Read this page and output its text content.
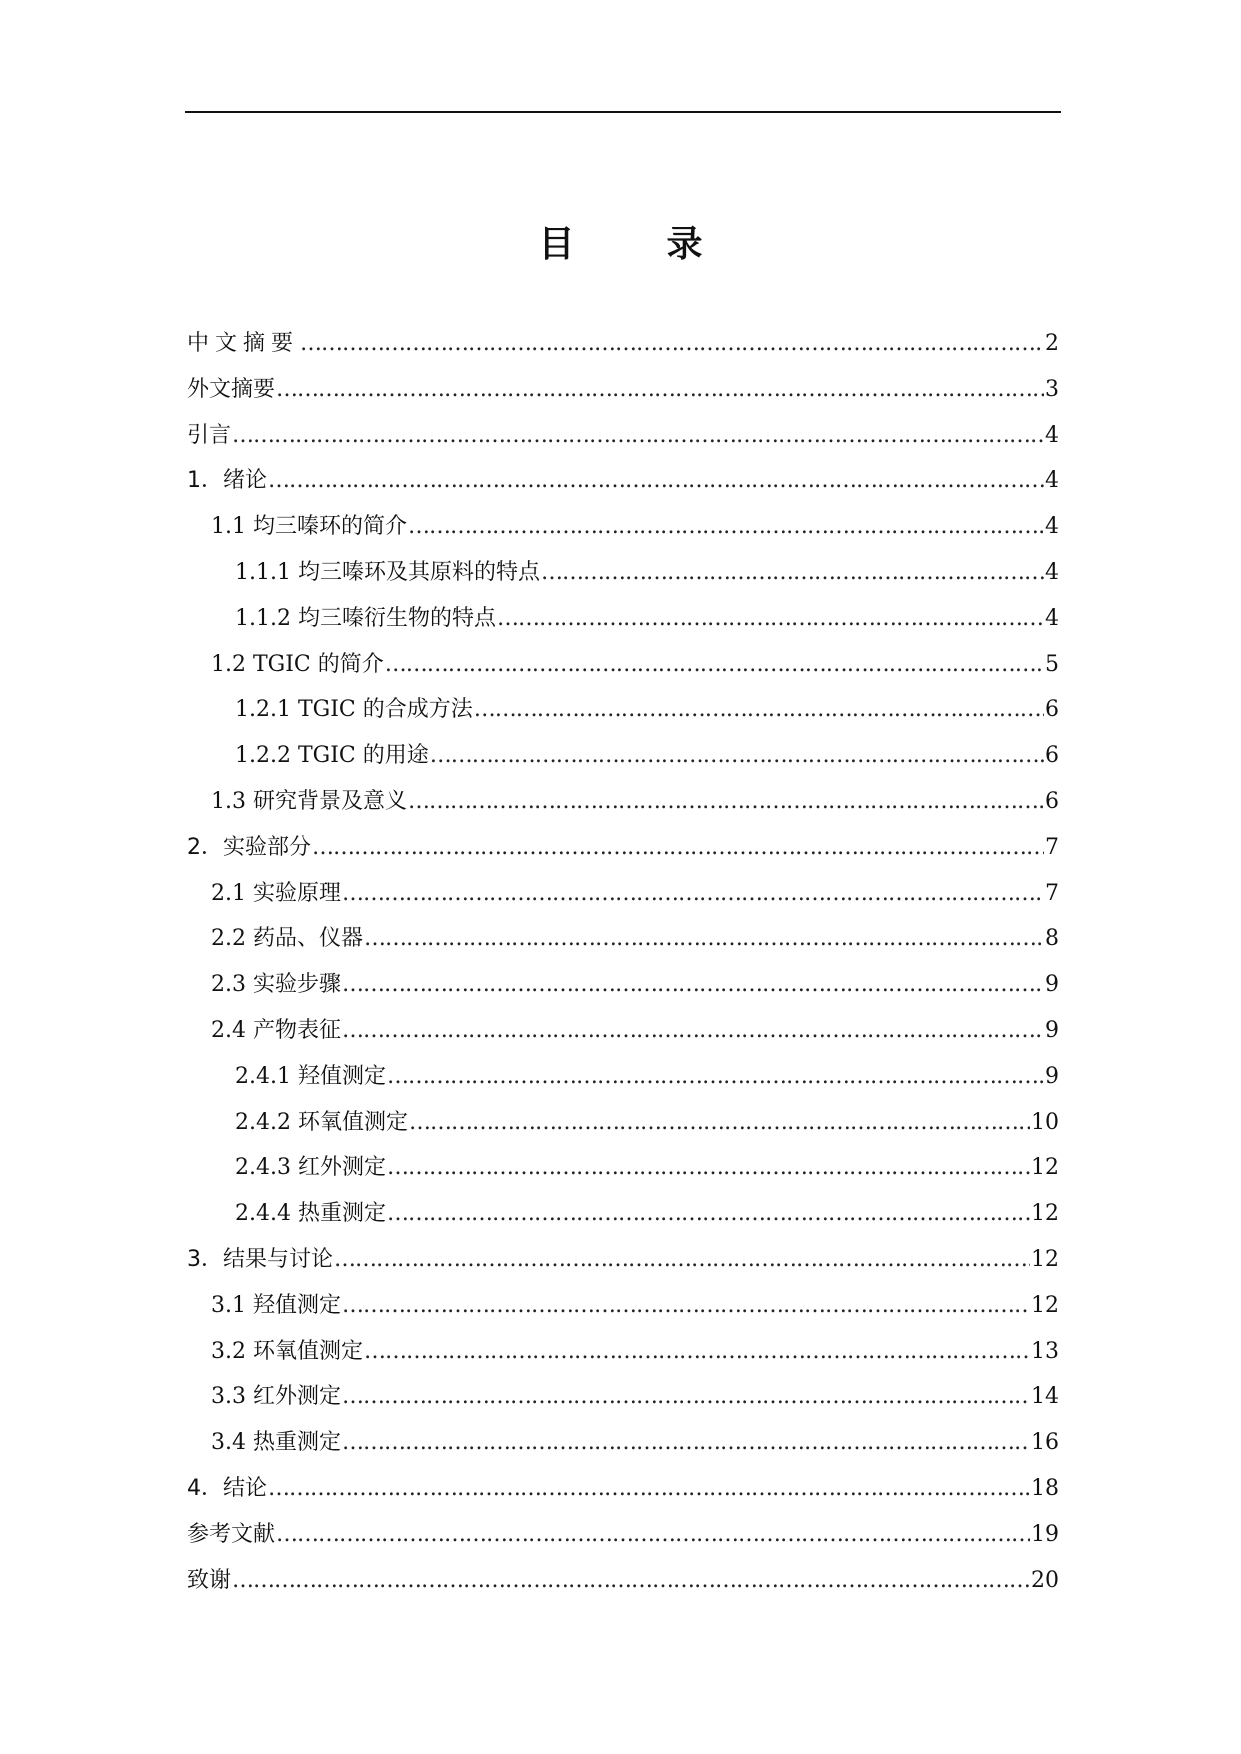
目　录
中文摘要 ………………………………………………………………………………………………………………………………………………………………	2
外文摘要 ………………………………………………………………………………………………………………………………………………………………	3
引言 ………………………………………………………………………………………………………………………………………………………………	4
1．绪论 ………………………………………………………………………………………………………………………………………………………………	4
1.1 均三嗪环的简介 ………………………………………………………………………………………………………………………………………………………………	4
1.1.1 均三嗪环及其原料的特点 ………………………………………………………………………………………………………………………………………………………………	4
1.1.2 均三嗪衍生物的特点 ………………………………………………………………………………………………………………………………………………………………	4
1.2 TGIC 的简介 ………………………………………………………………………………………………………………………………………………………………	5
1.2.1 TGIC 的合成方法 ………………………………………………………………………………………………………………………………………………………………	6
1.2.2 TGIC 的用途 ………………………………………………………………………………………………………………………………………………………………	6
1.3 研究背景及意义 ………………………………………………………………………………………………………………………………………………………………	6
2．实验部分 ………………………………………………………………………………………………………………………………………………………………	7
2.1 实验原理 ………………………………………………………………………………………………………………………………………………………………	7
2.2 药品、仪器 ………………………………………………………………………………………………………………………………………………………………	8
2.3 实验步骤 ………………………………………………………………………………………………………………………………………………………………	9
2.4 产物表征 ………………………………………………………………………………………………………………………………………………………………	9
2.4.1 羟值测定 ………………………………………………………………………………………………………………………………………………………………	9
2.4.2 环氧值测定 ………………………………………………………………………………………………………………………………………………………………	10
2.4.3 红外测定 ………………………………………………………………………………………………………………………………………………………………	12
2.4.4 热重测定 ………………………………………………………………………………………………………………………………………………………………	12
3．结果与讨论 ………………………………………………………………………………………………………………………………………………………………	12
3.1 羟值测定 ………………………………………………………………………………………………………………………………………………………………	12
3.2 环氧值测定 ………………………………………………………………………………………………………………………………………………………………	13
3.3 红外测定 ………………………………………………………………………………………………………………………………………………………………	14
3.4 热重测定 ………………………………………………………………………………………………………………………………………………………………	16
4．结论 ………………………………………………………………………………………………………………………………………………………………	18
参考文献 ………………………………………………………………………………………………………………………………………………………………	19
致谢 ………………………………………………………………………………………………………………………………………………………………	20
